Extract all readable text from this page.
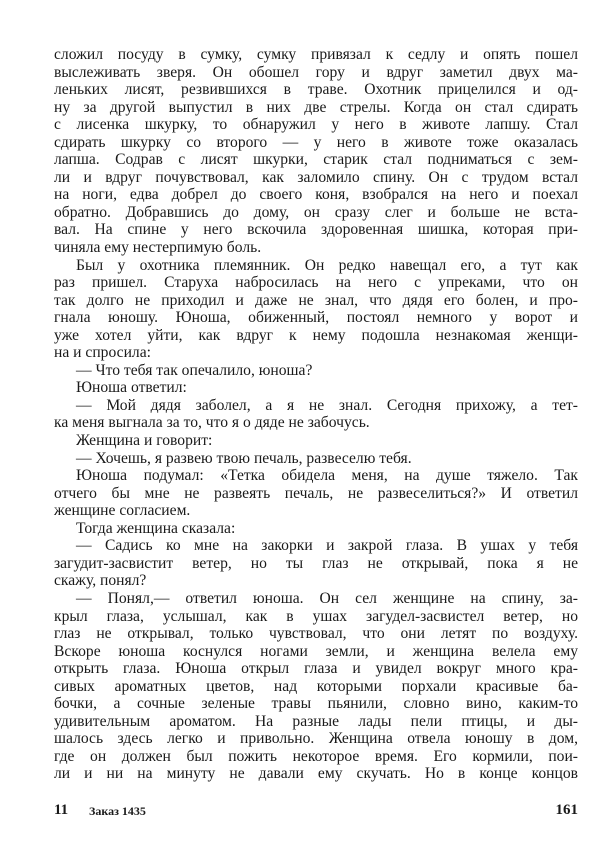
сложил посуду в сумку, сумку привязал к седлу и опять пошел
выслеживать зверя. Он обошел гору и вдруг заметил двух ма-
леньких лисят, резвившихся в траве. Охотник прицелился и од-
ну за другой выпустил в них две стрелы. Когда он стал сдирать
с лисенка шкурку, то обнаружил у него в животе лапшу. Стал
сдирать шкурку со второго — у него в животе тоже оказалась
лапша. Содрав с лисят шкурки, старик стал подниматься с зем-
ли и вдруг почувствовал, как заломило спину. Он с трудом встал
на ноги, едва добрел до своего коня, взобрался на него и поехал
обратно. Добравшись до дому, он сразу слег и больше не вста-
вал. На спине у него вскочила здоровенная шишка, которая при-
чиняла ему нестерпимую боль.
Был у охотника племянник. Он редко навещал его, а тут как
раз пришел. Старуха набросилась на него с упреками, что он
так долго не приходил и даже не знал, что дядя его болен, и про-
гнала юношу. Юноша, обиженный, постоял немного у ворот и
уже хотел уйти, как вдруг к нему подошла незнакомая женщи-
на и спросила:
— Что тебя так опечалило, юноша?
Юноша ответил:
— Мой дядя заболел, а я не знал. Сегодня прихожу, а тет-
ка меня выгнала за то, что я о дяде не забочусь.
Женщина и говорит:
— Хочешь, я развею твою печаль, развеселю тебя.
Юноша подумал: «Тетка обидела меня, на душе тяжело. Так
отчего бы мне не развеять печаль, не развеселиться?» И ответил
женщине согласием.
Тогда женщина сказала:
— Садись ко мне на закорки и закрой глаза. В ушах у тебя
загудит-засвистит ветер, но ты глаз не открывай, пока я не
скажу, понял?
— Понял,— ответил юноша. Он сел женщине на спину, за-
крыл глаза, услышал, как в ушах загудел-засвистел ветер, но
глаз не открывал, только чувствовал, что они летят по воздуху.
Вскоре юноша коснулся ногами земли, и женщина велела ему
открыть глаза. Юноша открыл глаза и увидел вокруг много кра-
сивых ароматных цветов, над которыми порхали красивые ба-
бочки, а сочные зеленые травы пьянили, словно вино, каким-то
удивительным ароматом. На разные лады пели птицы, и ды-
шалось здесь легко и привольно. Женщина отвела юношу в дом,
где он должен был пожить некоторое время. Его кормили, пои-
ли и ни на минуту не давали ему скучать. Но в конце концов
11 Заказ 1435	161
